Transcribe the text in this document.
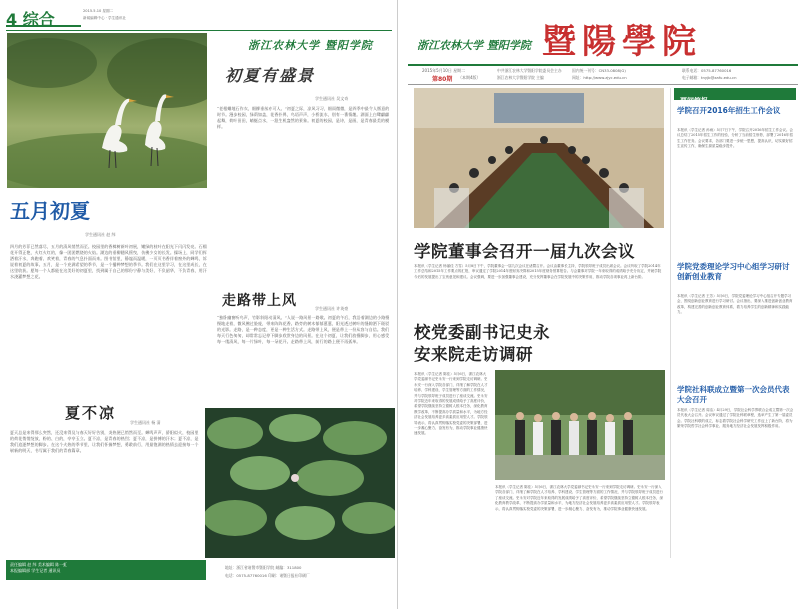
4 综合	2015.5.10 星期二
新闻编辑中心 · 学生通讯社
浙江农林大学 暨阳学院
初夏有盛景
学生通讯社 吴文奇
“老根蟠地石作衣，细柳垂丝亦可人。”初夏之际，凉风习习，细雨微微，是四季中最令人惬意的时节。漫步校园，绿荫如盖，花香扑鼻，鸟语声声，小桥流水，别有一番情趣。湖面上白鹭翩翩起舞，荷叶田田，蜻蜓点水，一派生机盎然的景象。初夏的校园，是诗，是画，是青春最美的模样。
五月初夏
学生通讯社 赵 纬
四月的芳菲已然落尽，五月的清风悄然而至。校园里的香樟树新叶初展，嫩绿的枝叶在阳光下闪闪发亮。石榴花开得正艳，火红火红的，像一团团燃烧的火焰。湖边的垂柳随风摇曳，仿佛少女的长发。操场上，同学们挥洒着汗水，奔跑着、欢笑着，青春的气息扑面而来。图书馆里，静谧而温暖，一页页书香伴着窗外的蝉鸣，诉说着初夏的故事。五月，是一个充满希望的季节，是一个播种梦想的季节。我们在这里学习，在这里成长，在这里收获。愿每一个人都能在这美好的初夏里，找到属于自己的那份宁静与美好，不负韶华，不负青春，用汗水浇灌梦想之花。
走路带上风	学生通讯社 许英豪
“独卧幽窗听鸟声，竹影斜阳动清风。”人说一路风景一路歌。初夏的午后，我沿着湖边的小路慢慢地走着，微风拂过脸庞，带来阵阵花香。路旁的树木郁郁葱葱，阳光透过树叶的缝隙洒下斑驳的光影。走路，是一种态度，更是一种生活方式。走路带上风，便是带上一份从容与自信。我们每天行色匆匆，却常常忘记停下脚步欣赏身边的风景。在这个初夏，让我们放慢脚步，用心感受每一缕清风，每一片绿叶，每一朵花开。走路带上风，前行的路上便不再孤单。
夏不凉
学生通讯社 杨 清
夏天总是来得那么突然，还没来得及与春天好好告别，炎热便已悄然而至。蝉鸣声声，骄阳似火，校园里的荷花悄悄绽放，粉的、白的，亭亭玉立。夏不凉，是青春的热烈；夏不凉，是拼搏的汗水；夏不凉，是我们追逐梦想的脚步。在这个火热的季节里，让我们怀揣梦想，勇敢前行，用最饱满的热情去迎接每一个崭新的明天，书写属于我们的青春篇章。
责任编辑 赵 纬 美术编辑 陈一虹
本报编辑部 学生记者 通讯员
地址：浙江省诸暨市暨阳学院 邮编：311800
电话：0575-87760016 印刷：诸暨日报社印刷厂
浙江农林大学 暨阳学院 暨陽學院
2015年5月10日 星期二
第80期 （本期4版）
中共浙江农林大学暨阳学院委员会主办
浙江农林大学暨阳学院 主编
国内统一刊号：CN33-0808(G)
网址：http://www.zjyc.edu.cn
联系电话：0575-87760016
电子邮箱：tnyjb@zafu.edu.cn
学院董事会召开一届九次会议
本报讯（学生记者 杨丽佳 方雪）5月8日下午，学院董事会一届九次会议在诸暨召开。会议由董事长主持，学院领导班子成员出席会议。会议听取了学院2014年工作总结和2015年工作要点的汇报，审议通过了学院2014年度财务决算和2015年度财务预算报告。与会董事对学院一年来取得的成绩给予充分肯定，并就学院今后的发展提出了宝贵意见和建议。会议强调，要进一步加强董事会建设，充分发挥董事会在学院发展中的决策作用，推动学院各项事业再上新台阶。
校党委副书记史永安来院走访调研
本报讯（学生记者 陈佳）5月6日，浙江农林大学党委副书记史永安一行来到学院走访调研。史永安一行深入学院各部门，详细了解学院在人才培养、学科建设、学生管理等方面的工作情况，并与学院领导班子成员进行了座谈交流。史永安对学院近年来取得的发展成绩给予了高度评价，希望学院继续坚持立德树人根本任务，深化教育教学改革，不断提高办学质量和水平，为地方经济社会发展培养更多高素质应用型人才。学院领导表示，将认真贯彻落实校党委的决策部署，进一步凝心聚力、奋发有为，推动学院事业健康快速发展。
本报讯（学生记者 陈佳）5月6日，浙江农林大学党委副书记史永安一行来到学院走访调研。史永安一行深入学院各部门，详细了解学院在人才培养、学科建设、学生管理等方面的工作情况，并与学院领导班子成员进行了座谈交流。史永安对学院近年来取得的发展成绩给予了高度评价，希望学院继续坚持立德树人根本任务，深化教育教学改革，不断提高办学质量和水平，为地方经济社会发展培养更多高素质应用型人才。学院领导表示，将认真贯彻落实校党委的决策部署，进一步凝心聚力、奋发有为，推动学院事业健康快速发展。
要闻简报
学院召开2016年招生工作会议
本报讯（学生记者 孙雨）5月7日下午，学院召开2016年招生工作会议。会议总结了2015年招生工作的经验，分析了当前招生形势，部署了2016年招生工作任务。会议要求，各部门要进一步统一思想，提高认识，切实做好招生宣传工作，确保生源质量稳步提升。
学院党委理论学习中心组学习研讨创新创业教育
本报讯（学生记者 王芳）5月6日，学院党委理论学习中心组召开专题学习会，围绕创新创业教育进行学习研讨。会议指出，要深入推进创新创业教育改革，构建完善的创新创业教育体系，着力培养学生的创新精神和实践能力。
学院社科联成立暨第一次会员代表大会召开
本报讯（学生记者 周洁）4月29日，学院社会科学界联合会成立暨第一次会员代表大会召开。会议审议通过了学院社科联章程，选举产生了第一届委员会。学院社科联的成立，标志着学院社会科学研究工作迈上了新台阶，将为繁荣学院哲学社会科学事业、服务地方经济社会发展发挥积极作用。
